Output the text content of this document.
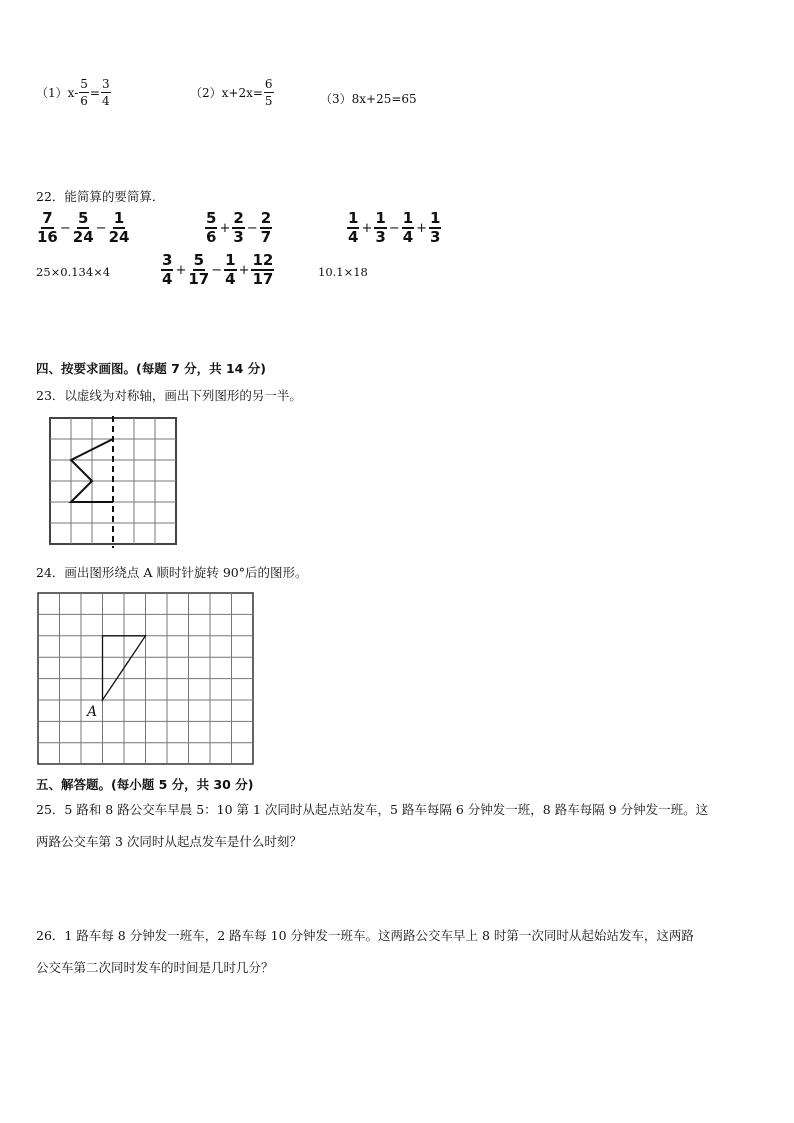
（1） $x- \frac{5}{6} = \frac{3}{4}$	（2） $x+2x= \frac{6}{5}$	（3） 8x+25=65
22．能简算的要简算．
$\frac{7}{16} - \frac{5}{24} - \frac{1}{24}$	$\frac{5}{6} + \frac{2}{3} - \frac{2}{7}$	$\frac{1}{4} + \frac{1}{3} - \frac{1}{4} + \frac{1}{3}$
25×0.134×4	$\frac{3}{4} + \frac{5}{17} - \frac{1}{4} + \frac{12}{17}$	10.1×18
四、按要求画图。(每题 7 分，共 14 分)
23．以虚线为对称轴，画出下列图形的另一半。
24．画出图形绕点 A 顺时针旋转 90°后的图形。
A
五、解答题。(每小题 5 分，共 30 分)
25．5 路和 8 路公交车早晨 5：10 第 1 次同时从起点站发车，5 路车每隔 6 分钟发一班，8 路车每隔 9 分钟发一班。这
两路公交车第 3 次同时从起点发车是什么时刻？
26．1 路车每 8 分钟发一班车，2 路车每 10 分钟发一班车。这两路公交车早上 8 时第一次同时从起始站发车，这两路
公交车第二次同时发车的时间是几时几分？
